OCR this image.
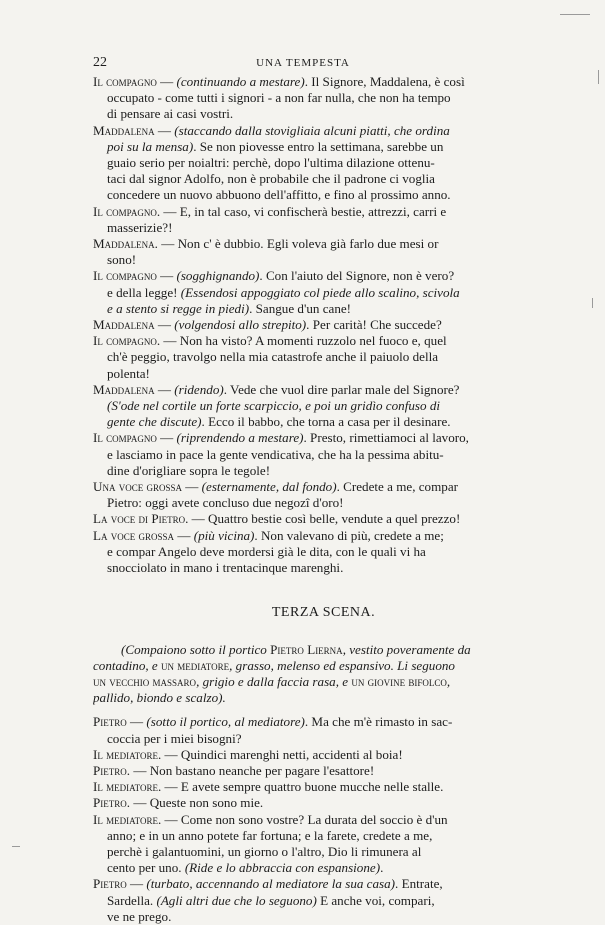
22	UNA TEMPESTA
Il compagno — (continuando a mestare). Il Signore, Maddalena, è così
occupato - come tutti i signori - a non far nulla, che non ha tempo
di pensare ai casi vostri.
Maddalena — (staccando dalla stovigliaia alcuni piatti, che ordina
poi su la mensa). Se non piovesse entro la settimana, sarebbe un
guaio serio per noialtri: perchè, dopo l'ultima dilazione ottenu-
taci dal signor Adolfo, non è probabile che il padrone ci voglia
concedere un nuovo abbuono dell'affitto, e fino al prossimo anno.
Il compagno. — E, in tal caso, vi confischerà bestie, attrezzi, carri e
masserizie?!
Maddalena. — Non c' è dubbio. Egli voleva già farlo due mesi or
sono!
Il compagno — (sogghignando). Con l'aiuto del Signore, non è vero?
e della legge! (Essendosi appoggiato col piede allo scalino, scivola
e a stento si regge in piedi). Sangue d'un cane!
Maddalena — (volgendosi allo strepito). Per carità! Che succede?
Il compagno. — Non ha visto? A momenti ruzzolo nel fuoco e, quel
ch'è peggio, travolgo nella mia catastrofe anche il paiuolo della
polenta!
Maddalena — (ridendo). Vede che vuol dire parlar male del Signore?
(S'ode nel cortile un forte scarpiccio, e poi un gridìo confuso di
gente che discute). Ecco il babbo, che torna a casa per il desinare.
Il compagno — (riprendendo a mestare). Presto, rimettiamoci al lavoro,
e lasciamo in pace la gente vendicativa, che ha la pessima abitu-
dine d'origliare sopra le tegole!
Una voce grossa — (esternamente, dal fondo). Credete a me, compar
Pietro: oggi avete concluso due negozî d'oro!
La voce di Pietro. — Quattro bestie così belle, vendute a quel prezzo!
La voce grossa — (più vicina). Non valevano di più, credete a me;
e compar Angelo deve mordersi già le dita, con le quali vi ha
snocciolato in mano i trentacinque marenghi.
TERZA SCENA.
(Compaiono sotto il portico Pietro Lierna, vestito poveramente da
contadino, e un mediatore, grasso, melenso ed espansivo. Li seguono
un vecchio massaro, grigio e dalla faccia rasa, e un giovine bifolco,
pallido, biondo e scalzo).
Pietro — (sotto il portico, al mediatore). Ma che m'è rimasto in sac-
coccia per i miei bisogni?
Il mediatore. — Quindici marenghi netti, accidenti al boia!
Pietro. — Non bastano neanche per pagare l'esattore!
Il mediatore. — E avete sempre quattro buone mucche nelle stalle.
Pietro. — Queste non sono mie.
Il mediatore. — Come non sono vostre? La durata del soccio è d'un
anno; e in un anno potete far fortuna; e la farete, credete a me,
perchè i galantuomini, un giorno o l'altro, Dio li rimunera al
cento per uno. (Ride e lo abbraccia con espansione).
Pietro — (turbato, accennando al mediatore la sua casa). Entrate,
Sardella. (Agli altri due che lo seguono) E anche voi, compari,
ve ne prego.
